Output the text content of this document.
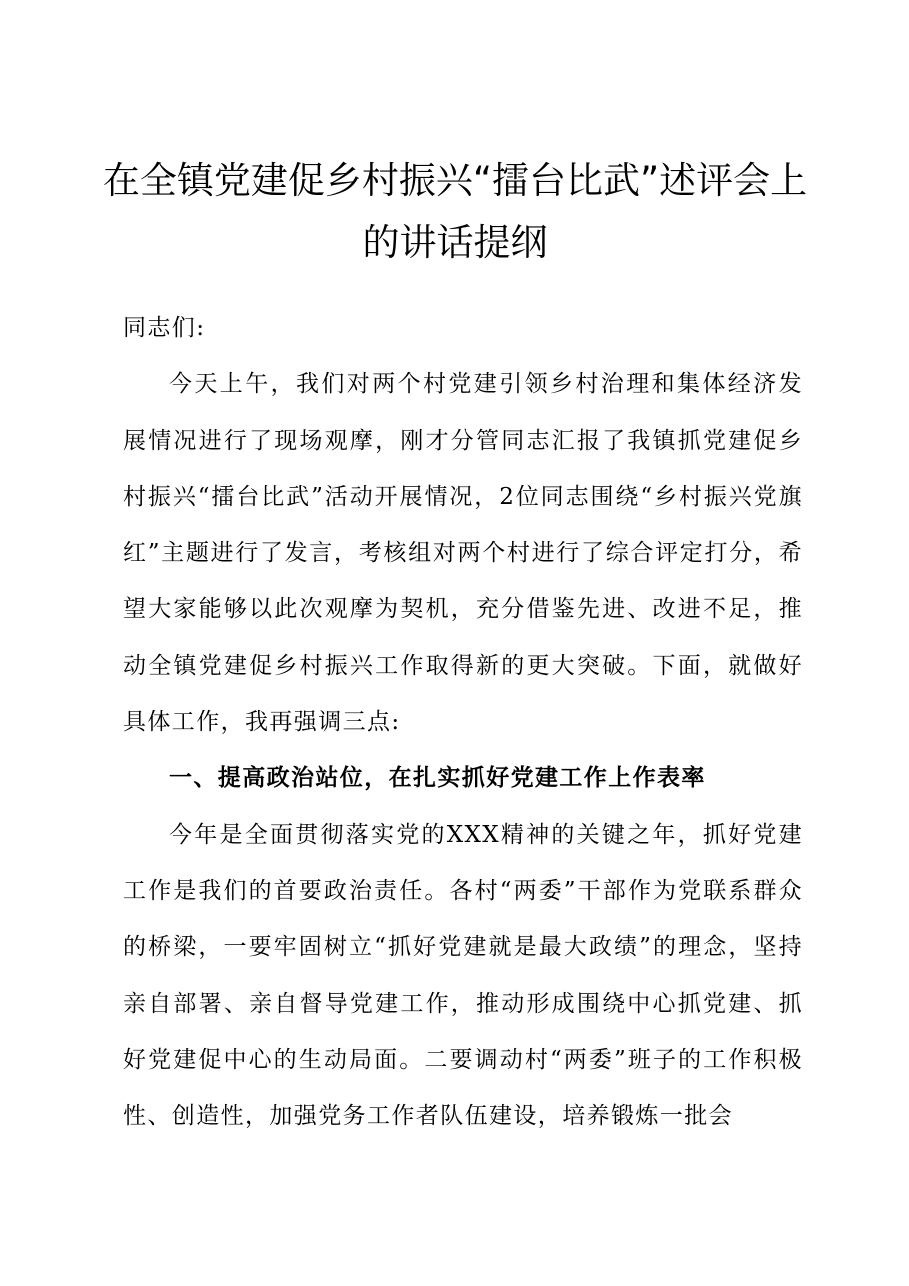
在全镇党建促乡村振兴“擂台比武”述评会上的讲话提纲

同志们:

今天上午，我们对两个村党建引领乡村治理和集体经济发展情况进行了现场观摩，刚才分管同志汇报了我镇抓党建促乡村振兴“擂台比武”活动开展情况，2位同志围绕“乡村振兴党旗红”主题进行了发言，考核组对两个村进行了综合评定打分，希望大家能够以此次观摩为契机，充分借鉴先进、改进不足，推动全镇党建促乡村振兴工作取得新的更大突破。下面，就做好具体工作，我再强调三点:

一、提高政治站位，在扎实抓好党建工作上作表率

今年是全面贯彻落实党的XXX精神的关键之年，抓好党建工作是我们的首要政治责任。各村“两委”干部作为党联系群众的桥梁，一要牢固树立“抓好党建就是最大政绩”的理念，坚持亲自部署、亲自督导党建工作，推动形成围绕中心抓党建、抓好党建促中心的生动局面。二要调动村“两委”班子的工作积极性、创造性，加强党务工作者队伍建设，培养锻炼一批会
